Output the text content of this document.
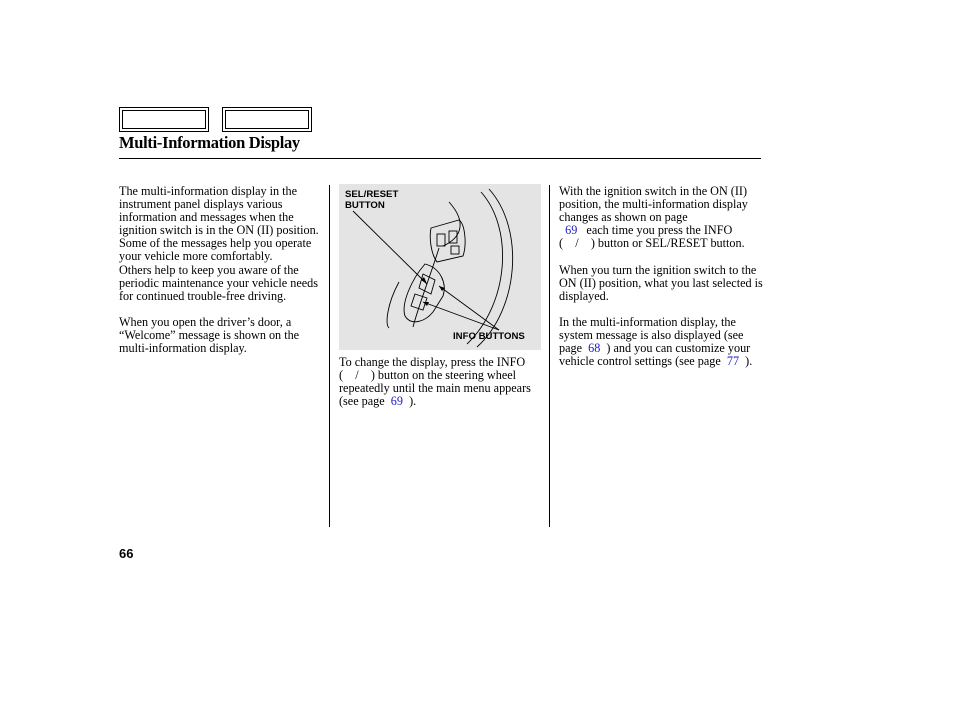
Multi-Information Display

The multi-information display in the instrument panel displays various information and messages when the ignition switch is in the ON (II) position. Some of the messages help you operate your vehicle more comfortably.

Others help to keep you aware of the periodic maintenance your vehicle needs for continued trouble-free driving.

When you open the driver’s door, a “Welcome” message is shown on the multi-information display.

SEL/RESET
BUTTON
INFO BUTTONS

To change the display, press the INFO ( / ) button on the steering wheel repeatedly until the main menu appears (see page 69 ).

With the ignition switch in the ON (II) position, the multi-information display changes as shown on page
69 each time you press the INFO ( / ) button or SEL/RESET button.

When you turn the ignition switch to the ON (II) position, what you last selected is displayed.

In the multi-information display, the system message is also displayed (see page 68 ) and you can customize your vehicle control settings (see page 77 ).

66
